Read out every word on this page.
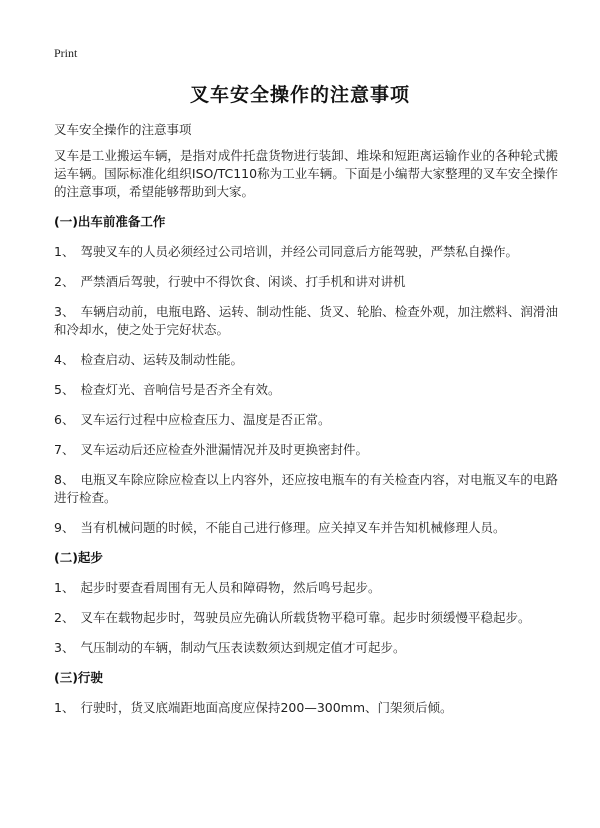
Print
叉车安全操作的注意事项
叉车安全操作的注意事项

叉车是工业搬运车辆，是指对成件托盘货物进行装卸、堆垛和短距离运输作业的各种轮式搬运车辆。国际标准化组织ISO/TC110称为工业车辆。下面是小编帮大家整理的叉车安全操作的注意事项，希望能够帮助到大家。

(一)出车前准备工作

1、 驾驶叉车的人员必须经过公司培训，并经公司同意后方能驾驶，严禁私自操作。

2、 严禁酒后驾驶，行驶中不得饮食、闲谈、打手机和讲对讲机

3、 车辆启动前，电瓶电路、运转、制动性能、货叉、轮胎、检查外观，加注燃料、润滑油和冷却水，使之处于完好状态。

4、 检查启动、运转及制动性能。

5、 检查灯光、音响信号是否齐全有效。

6、 叉车运行过程中应检查压力、温度是否正常。

7、 叉车运动后还应检查外泄漏情况并及时更换密封件。

8、 电瓶叉车除应除应检查以上内容外，还应按电瓶车的有关检查内容，对电瓶叉车的电路进行检查。

9、 当有机械问题的时候，不能自己进行修理。应关掉叉车并告知机械修理人员。

(二)起步

1、 起步时要查看周围有无人员和障碍物，然后鸣号起步。

2、 叉车在载物起步时，驾驶员应先确认所载货物平稳可靠。起步时须缓慢平稳起步。

3、 气压制动的车辆，制动气压表读数须达到规定值才可起步。

(三)行驶

1、 行驶时，货叉底端距地面高度应保持200—300mm、门架须后倾。
